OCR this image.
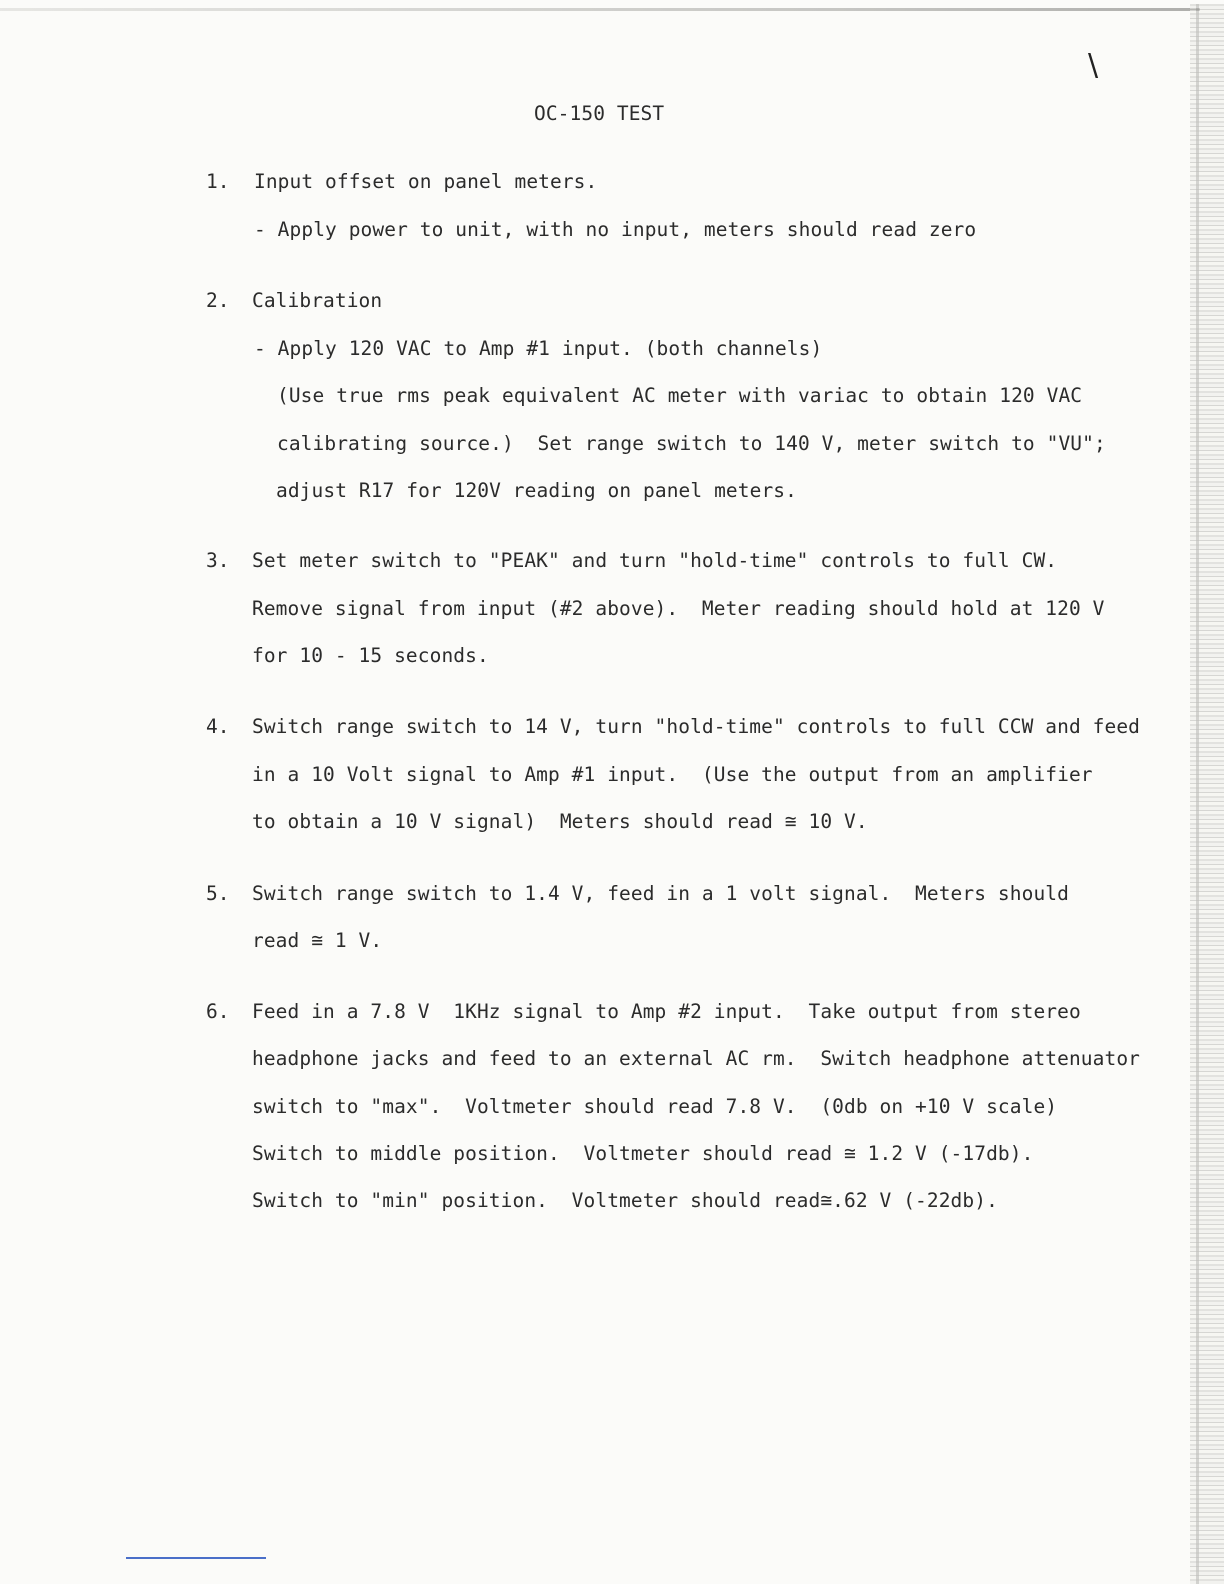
\
OC-150 TEST
1. Input offset on panel meters.
- Apply power to unit, with no input, meters should read zero
2. Calibration
- Apply 120 VAC to Amp #1 input. (both channels)
(Use true rms peak equivalent AC meter with variac to obtain 120 VAC
calibrating source.)  Set range switch to 140 V, meter switch to "VU";
adjust R17 for 120V reading on panel meters.
3. Set meter switch to "PEAK" and turn "hold-time" controls to full CW.
Remove signal from input (#2 above).  Meter reading should hold at 120 V
for 10 - 15 seconds.
4. Switch range switch to 14 V, turn "hold-time" controls to full CCW and feed
in a 10 Volt signal to Amp #1 input.  (Use the output from an amplifier
to obtain a 10 V signal)  Meters should read ≅ 10 V.
5. Switch range switch to 1.4 V, feed in a 1 volt signal.  Meters should
read ≅ 1 V.
6. Feed in a 7.8 V  1KHz signal to Amp #2 input.  Take output from stereo
headphone jacks and feed to an external AC rm.  Switch headphone attenuator
switch to "max".  Voltmeter should read 7.8 V.  (0db on +10 V scale)
Switch to middle position.  Voltmeter should read ≅ 1.2 V (-17db).
Switch to "min" position.  Voltmeter should read≅.62 V (-22db).
